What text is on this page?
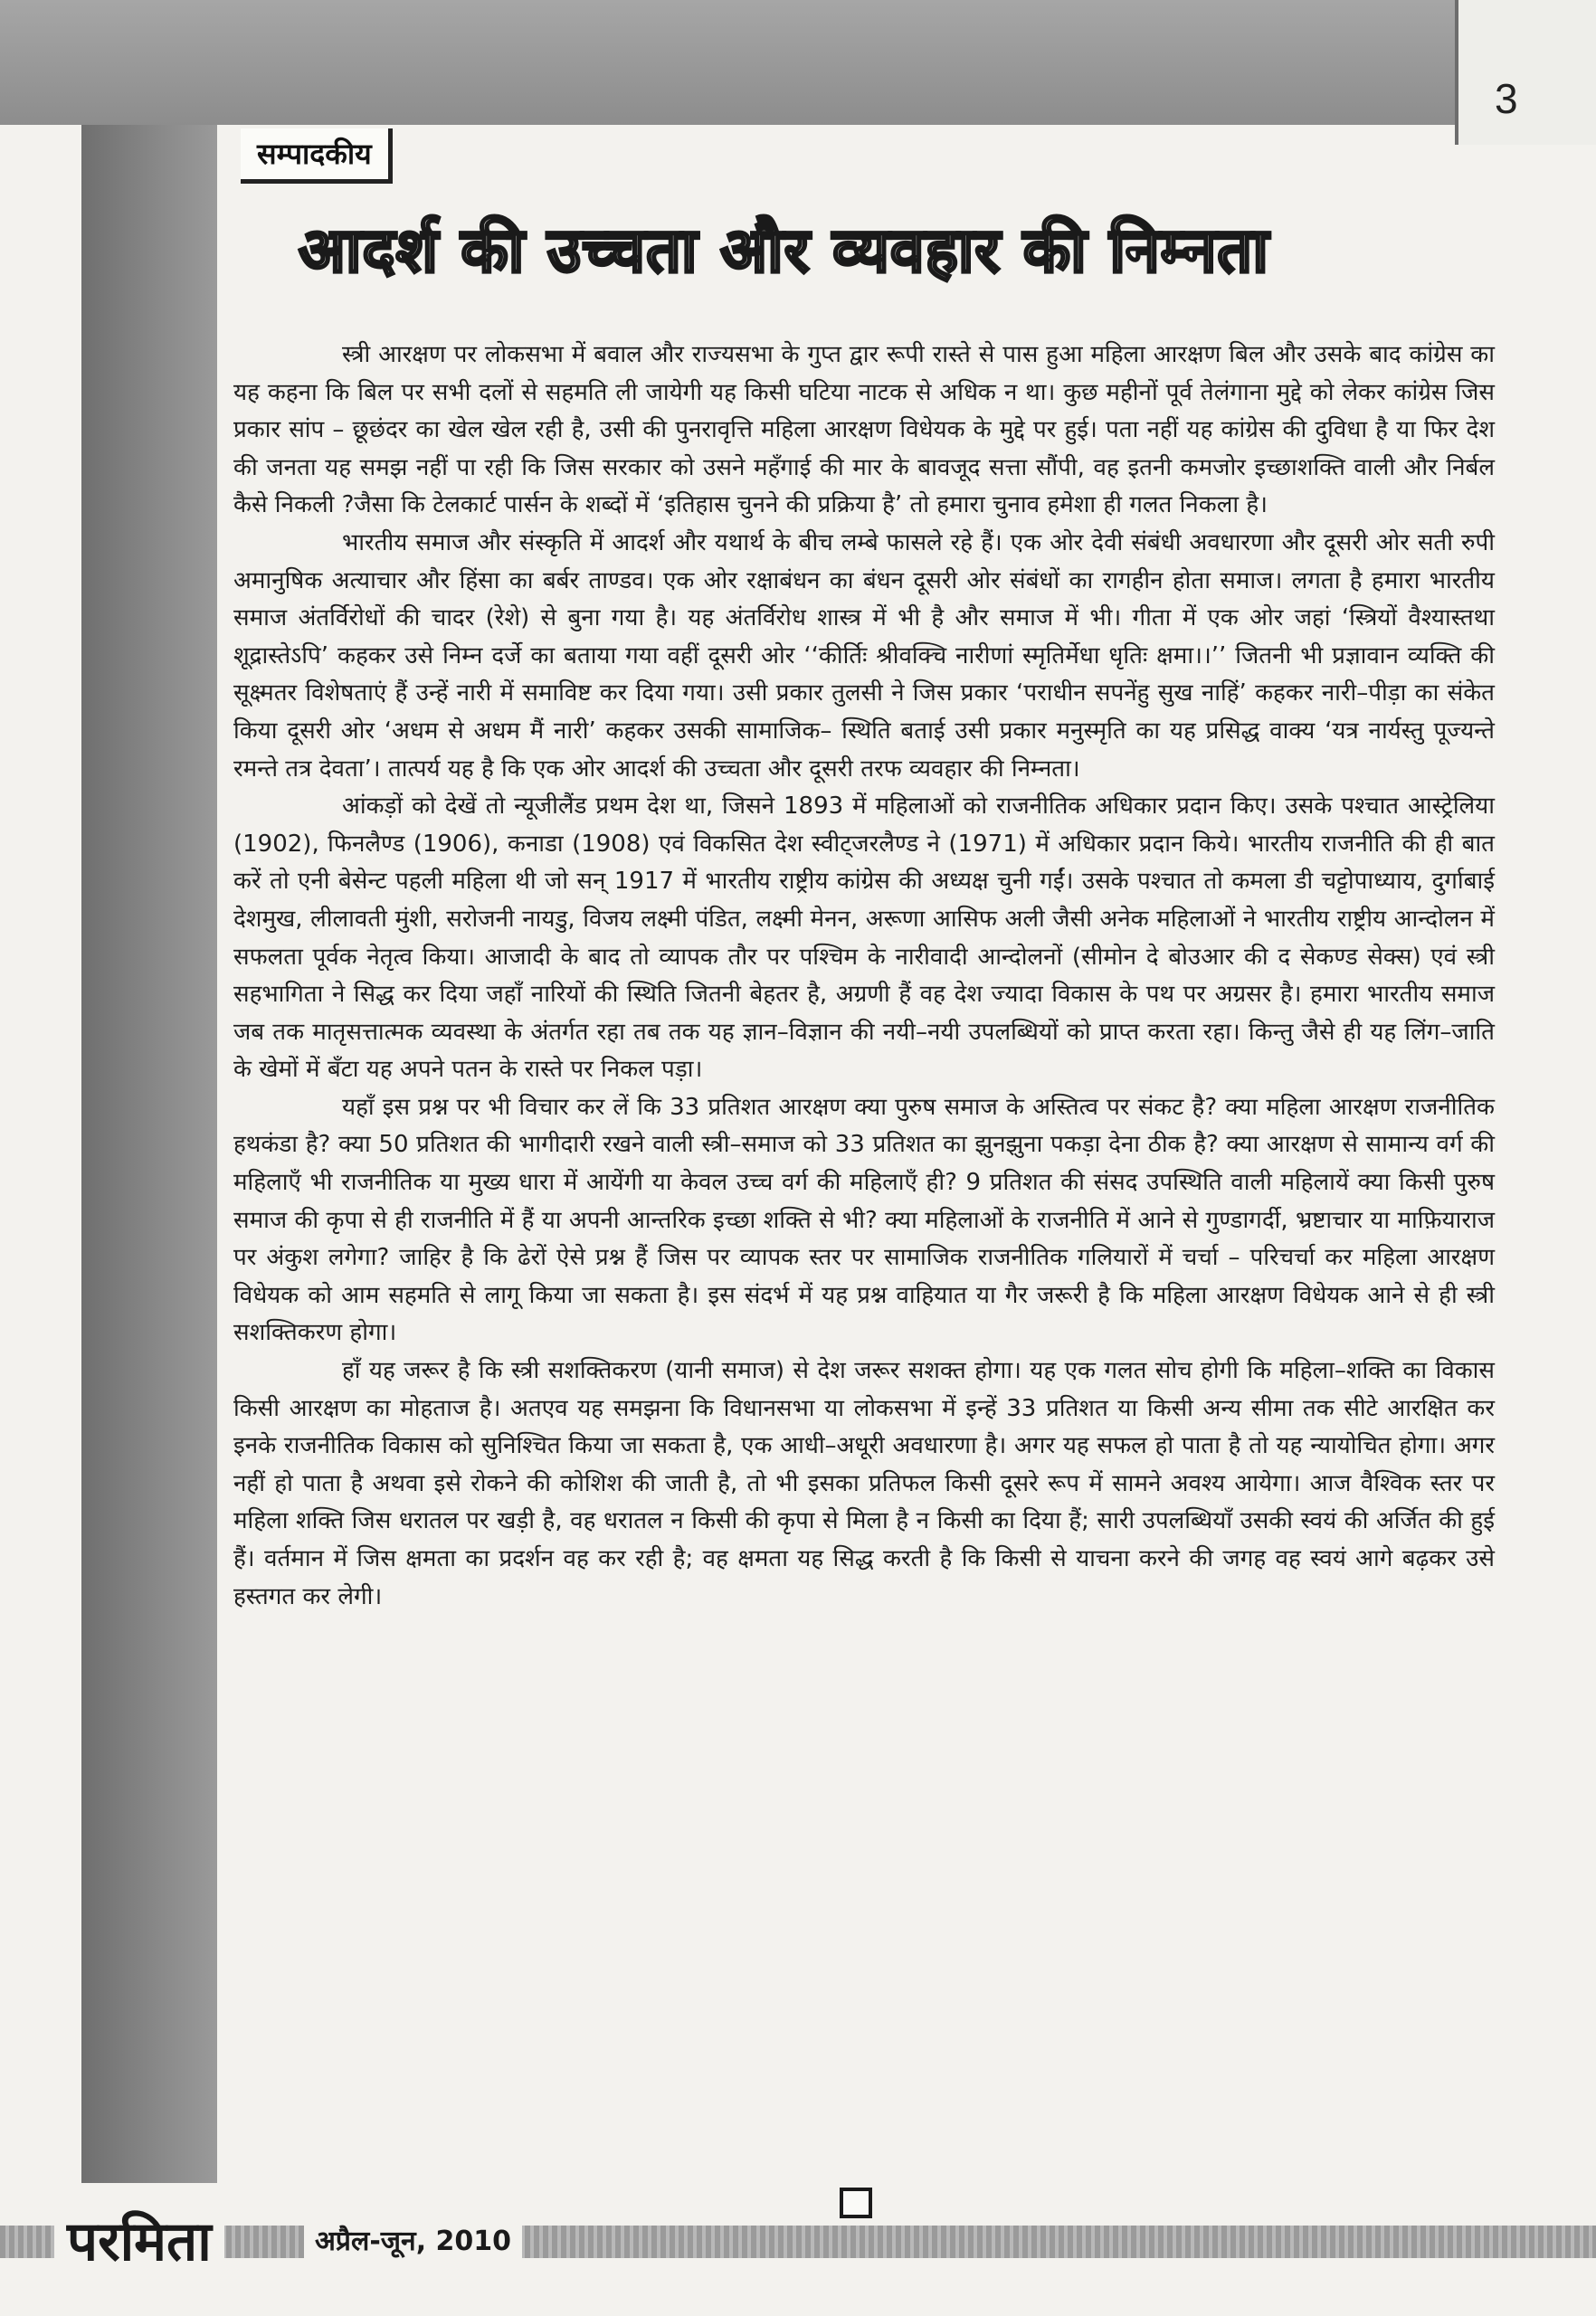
3
सम्पादकीय
आदर्श की उच्चता और व्यवहार की निम्नता

स्त्री आरक्षण पर लोकसभा में बवाल और राज्यसभा के गुप्त द्वार रूपी रास्ते से पास हुआ महिला आरक्षण बिल और उसके बाद कांग्रेस का यह कहना कि बिल पर सभी दलों से सहमति ली जायेगी यह किसी घटिया नाटक से अधिक न था। कुछ महीनों पूर्व तेलंगाना मुद्दे को लेकर कांग्रेस जिस प्रकार सांप – छूछंदर का खेल खेल रही है, उसी की पुनरावृत्ति महिला आरक्षण विधेयक के मुद्दे पर हुई। पता नहीं यह कांग्रेस की दुविधा है या फिर देश की जनता यह समझ नहीं पा रही कि जिस सरकार को उसने महँगाई की मार के बावजूद सत्ता सौंपी, वह इतनी कमजोर इच्छाशक्ति वाली और निर्बल कैसे निकली ?जैसा कि टेलकार्ट पार्सन के शब्दों में ‘इतिहास चुनने की प्रक्रिया है’ तो हमारा चुनाव हमेशा ही गलत निकला है।

भारतीय समाज और संस्कृति में आदर्श और यथार्थ के बीच लम्बे फासले रहे हैं। एक ओर देवी संबंधी अवधारणा और दूसरी ओर सती रुपी अमानुषिक अत्याचार और हिंसा का बर्बर ताण्डव। एक ओर रक्षाबंधन का बंधन दूसरी ओर संबंधों का रागहीन होता समाज। लगता है हमारा भारतीय समाज अंतर्विरोधों की चादर (रेशे) से बुना गया है। यह अंतर्विरोध शास्त्र में भी है और समाज में भी। गीता में एक ओर जहां ‘स्त्रियों वैश्यास्तथा शूद्रास्तेऽपि’ कहकर उसे निम्न दर्जे का बताया गया वहीं दूसरी ओर ‘‘कीर्तिः श्रीवक्चि नारीणां स्मृतिर्मेधा धृतिः क्षमा।।’’ जितनी भी प्रज्ञावान व्यक्ति की सूक्ष्मतर विशेषताएं हैं उन्हें नारी में समाविष्ट कर दिया गया। उसी प्रकार तुलसी ने जिस प्रकार ‘पराधीन सपनेंहु सुख नाहिं’ कहकर नारी–पीड़ा का संकेत किया दूसरी ओर ‘अधम से अधम मैं नारी’ कहकर उसकी सामाजिक– स्थिति बताई उसी प्रकार मनुस्मृति का यह प्रसिद्ध वाक्य ‘यत्र नार्यस्तु पूज्यन्ते रमन्ते तत्र देवता’। तात्पर्य यह है कि एक ओर आदर्श की उच्चता और दूसरी तरफ व्यवहार की निम्नता।

आंकड़ों को देखें तो न्यूजीलैंड प्रथम देश था, जिसने 1893 में महिलाओं को राजनीतिक अधिकार प्रदान किए। उसके पश्चात आस्ट्रेलिया (1902), फिनलैण्ड (1906), कनाडा (1908) एवं विकसित देश स्वीट्जरलैण्ड ने (1971) में अधिकार प्रदान किये। भारतीय राजनीति की ही बात करें तो एनी बेसेन्ट पहली महिला थी जो सन् 1917 में भारतीय राष्ट्रीय कांग्रेस की अध्यक्ष चुनी गईं। उसके पश्चात तो कमला डी चट्टोपाध्याय, दुर्गाबाई देशमुख, लीलावती मुंशी, सरोजनी नायडु, विजय लक्ष्मी पंडित, लक्ष्मी मेनन, अरूणा आसिफ अली जैसी अनेक महिलाओं ने भारतीय राष्ट्रीय आन्दोलन में सफलता पूर्वक नेतृत्व किया। आजादी के बाद तो व्यापक तौर पर पश्चिम के नारीवादी आन्दोलनों (सीमोन दे बोउआर की द सेकण्ड सेक्स) एवं स्त्री सहभागिता ने सिद्ध कर दिया जहाँ नारियों की स्थिति जितनी बेहतर है, अग्रणी हैं वह देश ज्यादा विकास के पथ पर अग्रसर है। हमारा भारतीय समाज जब तक मातृसत्तात्मक व्यवस्था के अंतर्गत रहा तब तक यह ज्ञान–विज्ञान की नयी–नयी उपलब्धियों को प्राप्त करता रहा। किन्तु जैसे ही यह लिंग–जाति के खेमों में बँटा यह अपने पतन के रास्ते पर निकल पड़ा।

यहाँ इस प्रश्न पर भी विचार कर लें कि 33 प्रतिशत आरक्षण क्या पुरुष समाज के अस्तित्व पर संकट है? क्या महिला आरक्षण राजनीतिक हथकंडा है? क्या 50 प्रतिशत की भागीदारी रखने वाली स्त्री–समाज को 33 प्रतिशत का झुनझुना पकड़ा देना ठीक है? क्या आरक्षण से सामान्य वर्ग की महिलाएँ भी राजनीतिक या मुख्य धारा में आयेंगी या केवल उच्च वर्ग की महिलाएँ ही? 9 प्रतिशत की संसद उपस्थिति वाली महिलायें क्या किसी पुरुष समाज की कृपा से ही राजनीति में हैं या अपनी आन्तरिक इच्छा शक्ति से भी? क्या महिलाओं के राजनीति में आने से गुण्डागर्दी, भ्रष्टाचार या माफ़ियाराज पर अंकुश लगेगा? जाहिर है कि ढेरों ऐसे प्रश्न हैं जिस पर व्यापक स्तर पर सामाजिक राजनीतिक गलियारों में चर्चा – परिचर्चा कर महिला आरक्षण विधेयक को आम सहमति से लागू किया जा सकता है। इस संदर्भ में यह प्रश्न वाहियात या गैर जरूरी है कि महिला आरक्षण विधेयक आने से ही स्त्री सशक्तिकरण होगा।

हाँ यह जरूर है कि स्त्री सशक्तिकरण (यानी समाज) से देश जरूर सशक्त होगा। यह एक गलत सोच होगी कि महिला–शक्ति का विकास किसी आरक्षण का मोहताज है। अतएव यह समझना कि विधानसभा या लोकसभा में इन्हें 33 प्रतिशत या किसी अन्य सीमा तक सीटे आरक्षित कर इनके राजनीतिक विकास को सुनिश्चित किया जा सकता है, एक आधी–अधूरी अवधारणा है। अगर यह सफल हो पाता है तो यह न्यायोचित होगा। अगर नहीं हो पाता है अथवा इसे रोकने की कोशिश की जाती है, तो भी इसका प्रतिफल किसी दूसरे रूप में सामने अवश्य आयेगा। आज वैश्विक स्तर पर महिला शक्ति जिस धरातल पर खड़ी है, वह धरातल न किसी की कृपा से मिला है न किसी का दिया हैं; सारी उपलब्धियाँ उसकी स्वयं की अर्जित की हुई हैं। वर्तमान में जिस क्षमता का प्रदर्शन वह कर रही है; वह क्षमता यह सिद्ध करती है कि किसी से याचना करने की जगह वह स्वयं आगे बढ़कर उसे हस्तगत कर लेगी।

परमिता	अप्रैल-जून, 2010
